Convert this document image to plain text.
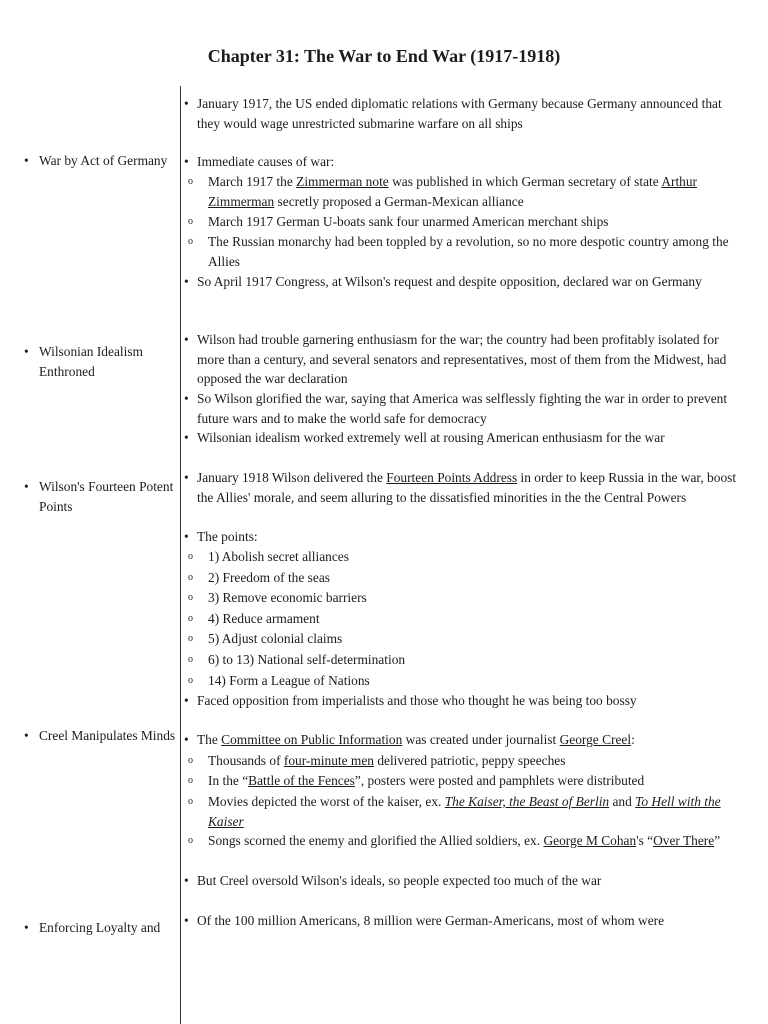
Chapter 31: The War to End War (1917-1918)
• War by Act of Germany
• Wilsonian Idealism Enthroned
• Wilson's Fourteen Potent Points
• Creel Manipulates Minds
• Enforcing Loyalty and
• January 1917, the US ended diplomatic relations with Germany because Germany announced that they would wage unrestricted submarine warfare on all ships
• Immediate causes of war:
o March 1917 the Zimmerman note was published in which German secretary of state Arthur Zimmerman secretly proposed a German-Mexican alliance
o March 1917 German U-boats sank four unarmed American merchant ships
o The Russian monarchy had been toppled by a revolution, so no more despotic country among the Allies
• So April 1917 Congress, at Wilson's request and despite opposition, declared war on Germany
• Wilson had trouble garnering enthusiasm for the war; the country had been profitably isolated for more than a century, and several senators and representatives, most of them from the Midwest, had opposed the war declaration
• So Wilson glorified the war, saying that America was selflessly fighting the war in order to prevent future wars and to make the world safe for democracy
• Wilsonian idealism worked extremely well at rousing American enthusiasm for the war
• January 1918 Wilson delivered the Fourteen Points Address in order to keep Russia in the war, boost the Allies' morale, and seem alluring to the dissatisfied minorities in the the Central Powers
• The points:
o 1) Abolish secret alliances
o 2) Freedom of the seas
o 3) Remove economic barriers
o 4) Reduce armament
o 5) Adjust colonial claims
o 6) to 13) National self-determination
o 14) Form a League of Nations
• Faced opposition from imperialists and those who thought he was being too bossy
• The Committee on Public Information was created under journalist George Creel:
o Thousands of four-minute men delivered patriotic, peppy speeches
o In the “Battle of the Fences”, posters were posted and pamphlets were distributed
o Movies depicted the worst of the kaiser, ex. The Kaiser, the Beast of Berlin and To Hell with the Kaiser
o Songs scorned the enemy and glorified the Allied soldiers, ex. George M Cohan's “Over There”
• But Creel oversold Wilson's ideals, so people expected too much of the war
• Of the 100 million Americans, 8 million were German-Americans, most of whom were
